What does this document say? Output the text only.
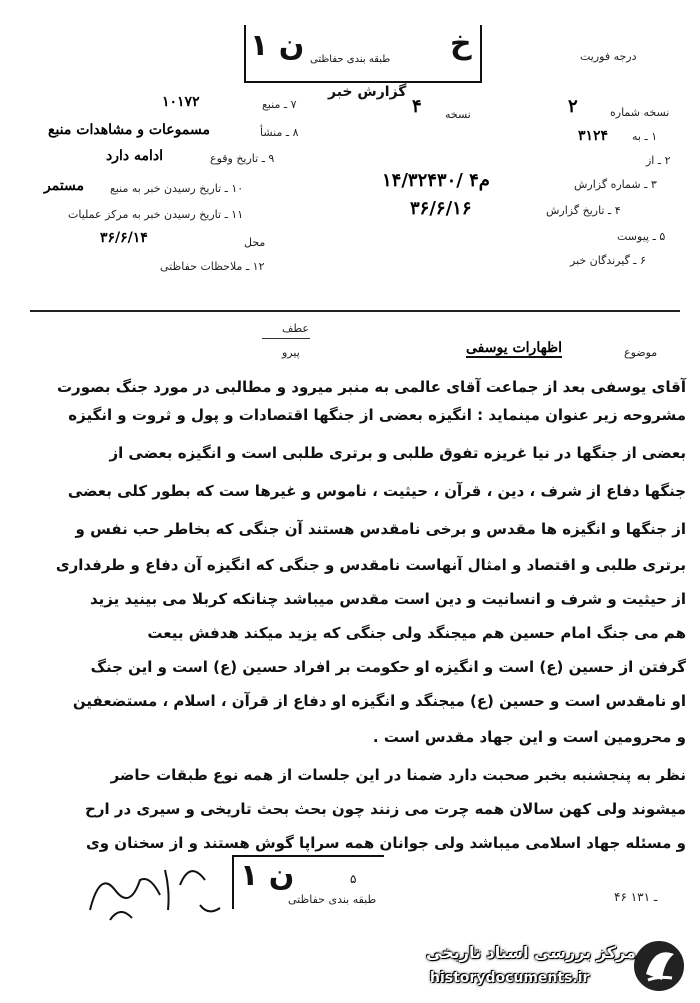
۱ ن	خ
طبقه بندی حفاظتی
گزارش خبر
درجه فوریت
نسخه شماره
۲
نسخه
۴
۱ ـ به
۳۱۲۴
۲ ـ از
۳ ـ شماره گزارش
۱۴/۳۲۴۳۰/ ۴م
۴ ـ تاریخ گزارش
۳۶/۶/۱۶
۵ ـ پیوست
۶ ـ گیرندگان خبر
۷ ـ منبع
۱۰۱۷۲
۸ ـ منشأ
مسموعات و مشاهدات منبع
۹ ـ تاریخ وقوع
ادامه دارد
۱۰ ـ تاریخ رسیدن خبر به منبع
مستمر
۱۱ ـ تاریخ رسیدن خبر به مرکز عملیات
محل
۳۶/۶/۱۴
۱۲ ـ ملاحظات حفاظتی
عطف
پیرو	موضوع
اظهارات یوسفی
آقای یوسفی بعد از جماعت آقای عالمی به منبر میرود و مطالبی در مورد جنگ بصورت
مشروحه زیر عنوان مینماید : انگیزه بعضی از جنگها اقتصادات و پول و ثروت و انگیزه
بعضی از جنگها در نیا غریزه تفوق طلبی و برتری طلبی است و انگیزه بعضی از
جنگها دفاع از شرف ، دین ، قرآن ، حیثیت ، ناموس و غیرها ست که بطور کلی بعضی
از جنگها و انگیزه ها مقدس و برخی نامقدس هستند آن جنگی که بخاطر حب نفس و
برتری طلبی و اقتصاد و امثال آنهاست نامقدس و جنگی که انگیزه آن دفاع و طرفداری
از حیثیت و شرف و انسانیت و دین است مقدس میباشد چنانکه کربلا می بینید یزید
هم می جنگ امام حسین هم میجنگد ولی جنگی که یزید میکند هدفش بیعت
گرفتن از حسین (ع) است و انگیزه او حکومت بر افراد حسین (ع) است و این جنگ
او نامقدس است و حسین (ع) میجنگد و انگیزه او دفاع از قرآن ، اسلام ، مستضعفین
و محرومین است و این جهاد مقدس است .
نظر به پنجشنبه بخبر صحبت دارد ضمنا در این جلسات از همه نوع طبقات حاضر
میشوند ولی کهن سالان همه چرت می زنند چون بحث بحث تاریخی و سیری در ارح
و مسئله جهاد اسلامی میباشد ولی جوانان همه سراپا گوش هستند و از سخنان وی
ن ۱	۵
طبقه بندی حفاظتی	۴۶ ـ ۱۳۱
مرکز بررسی اسناد تاریخی
historydocuments.ir
